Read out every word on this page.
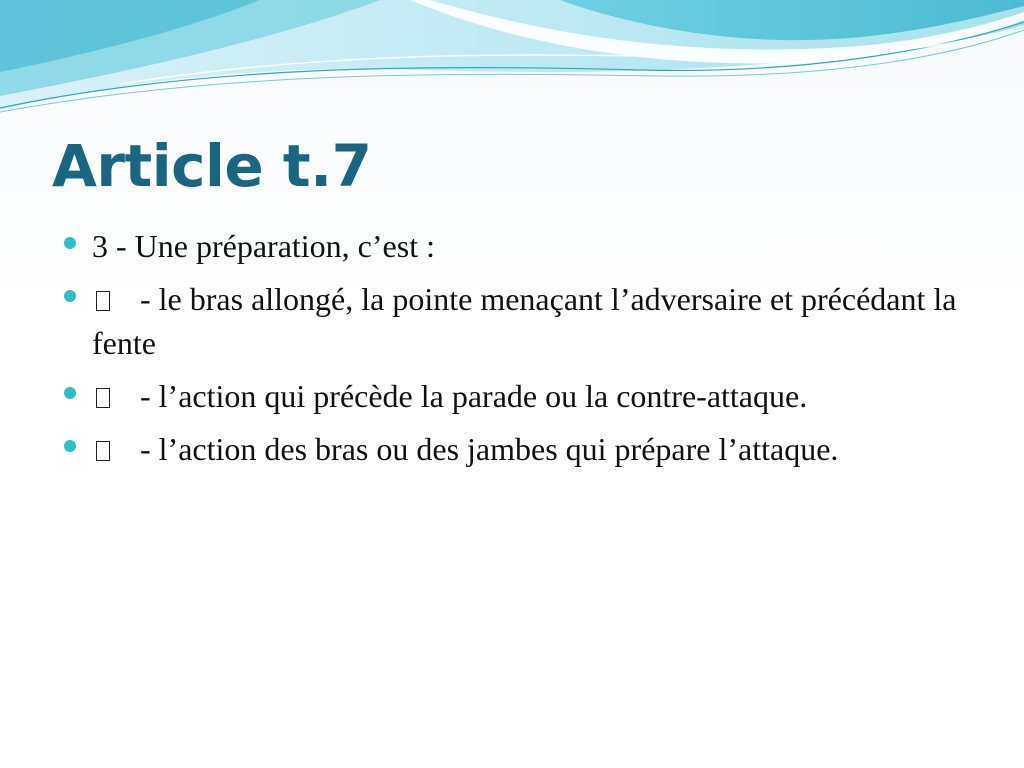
Article t.7
3 - Une préparation, c’est :
- le bras allongé, la pointe menaçant l’adversaire et précédant la fente
- l’action qui précède la parade ou la contre-attaque.
- l’action des bras ou des jambes qui prépare l’attaque.
